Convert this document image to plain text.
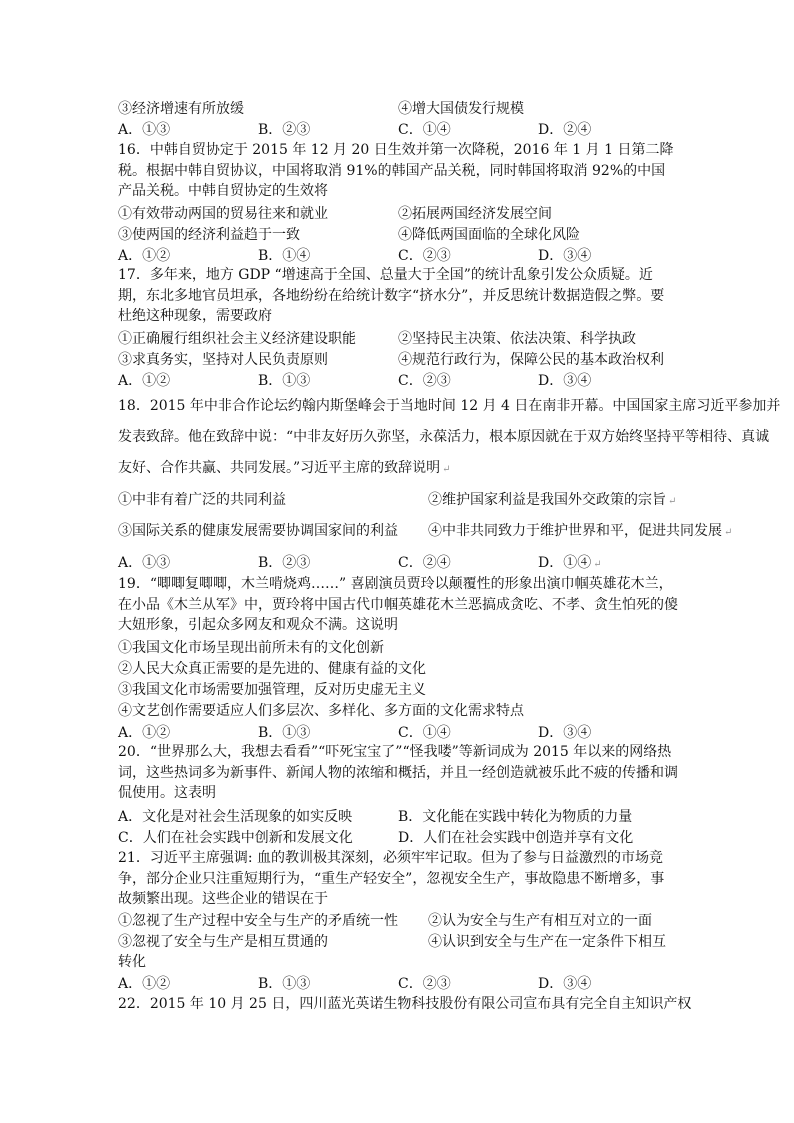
③经济增速有所放缓	④增大国债发行规模
A．①③	B．②③	C．①④	D．②④
16．中韩自贸协定于 2015 年 12 月 20 日生效并第一次降税，2016 年 1 月 1 日第二降税。根据中韩自贸协议，中国将取消 91%的韩国产品关税，同时韩国将取消 92%的中国产品关税。中韩自贸协定的生效将
①有效带动两国的贸易往来和就业	②拓展两国经济发展空间
③使两国的经济利益趋于一致	④降低两国面临的全球化风险
A．①②	B．①④	C．②③	D．③④
17．多年来，地方 GDP “增速高于全国、总量大于全国”的统计乱象引发公众质疑。近期，东北多地官员坦承，各地纷纷在给统计数字“挤水分”，并反思统计数据造假之弊。要杜绝这种现象，需要政府
①正确履行组织社会主义经济建设职能	②坚持民主决策、依法决策、科学执政
③求真务实，坚持对人民负责原则	④规范行政行为，保障公民的基本政治权利
A．①②	B．①③	C．②③	D．③④
18．2015 年中非合作论坛约翰内斯堡峰会于当地时间 12 月 4 日在南非开幕。中国国家主席习近平参加并发表致辞。他在致辞中说：“中非友好历久弥坚，永葆活力，根本原因就在于双方始终坚持平等相待、真诚友好、合作共赢、共同发展。”习近平主席的致辞说明 ↵
①中非有着广泛的共同利益	②维护国家利益是我国外交政策的宗旨 ↵
③国际关系的健康发展需要协调国家间的利益 ④中非共同致力于维护世界和平，促进共同发展 ↵
A．①③	B．②③	C．②④	D．①④ ↵
19．“唧唧复唧唧，木兰啃烧鸡……” 喜剧演员贾玲以颠覆性的形象出演巾帼英雄花木兰，在小品《木兰从军》中，贾玲将中国古代巾帼英雄花木兰恶搞成贪吃、不孝、贪生怕死的傻大妞形象，引起众多网友和观众不满。这说明
①我国文化市场呈现出前所未有的文化创新
②人民大众真正需要的是先进的、健康有益的文化
③我国文化市场需要加强管理，反对历史虚无主义
④文艺创作需要适应人们多层次、多样化、多方面的文化需求特点
A．①②	B．①③	C．①④	D．③④
20．“世界那么大，我想去看看”“吓死宝宝了”“怪我喽”等新词成为 2015 年以来的网络热词，这些热词多为新事件、新闻人物的浓缩和概括，并且一经创造就被乐此不疲的传播和调侃使用。这表明
A．文化是对社会生活现象的如实反映	B．文化能在实践中转化为物质的力量
C．人们在社会实践中创新和发展文化	D．人们在社会实践中创造并享有文化
21．习近平主席强调: 血的教训极其深刻，必须牢牢记取。但为了参与日益激烈的市场竞争，部分企业只注重短期行为，“重生产轻安全”，忽视安全生产，事故隐患不断增多，事故频繁出现。这些企业的错误在于
①忽视了生产过程中安全与生产的矛盾统一性 ②认为安全与生产有相互对立的一面
③忽视了安全与生产是相互贯通的	④认识到安全与生产在一定条件下相互
转化
A．①②	B．①③	C．②③	D．③④
22．2015 年 10 月 25 日，四川蓝光英诺生物科技股份有限公司宣布具有完全自主知识产权
